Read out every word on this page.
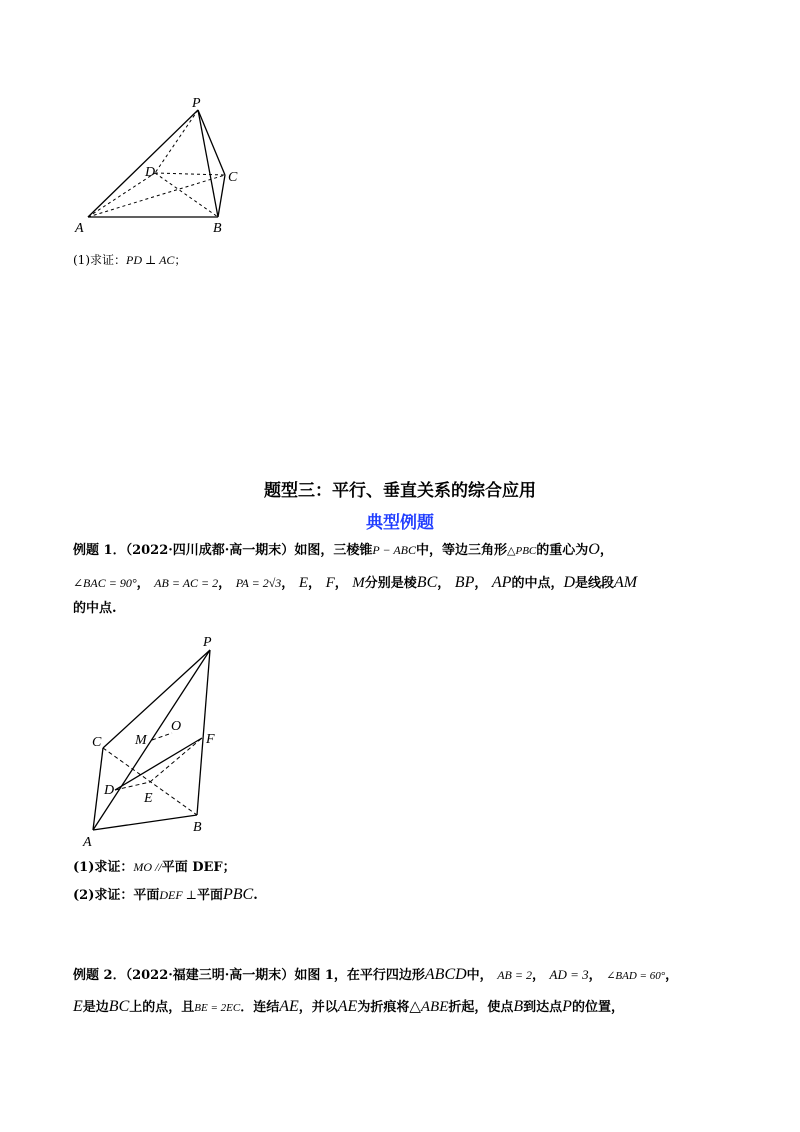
P
D	C
A	B
(1)求证：PD ⊥ AC；
题型三：平行、垂直关系的综合应用
典型例题
例题 1．（2022·四川成都·高一期末）如图，三棱锥P − ABC中，等边三角形△PBC的重心为O，
∠BAC = 90°， AB = AC = 2， PA = 2√3， E， F， M分别是棱BC， BP， AP的中点，D是线段AM
的中点.
P
C M
O
F
D
E
A
B
(1)求证：MO //平面 DEF；
(2)求证：平面DEF ⊥平面PBC.
例题 2．（2022·福建三明·高一期末）如图 1，在平行四边形ABCD中， AB = 2， AD = 3， ∠BAD = 60°，
E是边BC上的点，且BE = 2EC．连结AE，并以AE为折痕将△ABE折起，使点B到达点P的位置，
